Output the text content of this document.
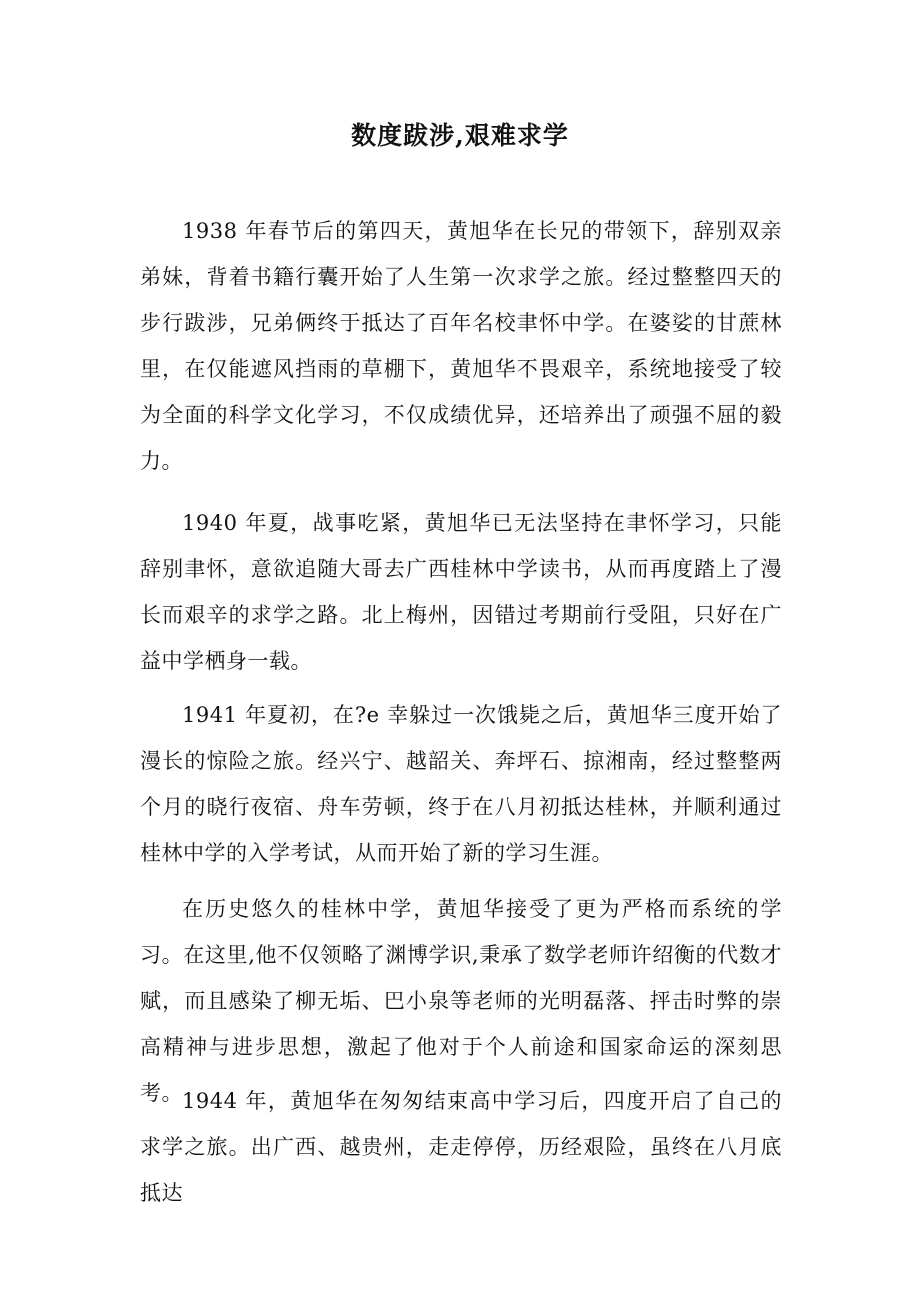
数度跋涉,艰难求学

1938 年春节后的第四天，黄旭华在长兄的带领下，辞别双亲弟妹，背着书籍行囊开始了人生第一次求学之旅。经过整整四天的步行跋涉，兄弟俩终于抵达了百年名校聿怀中学。在婆娑的甘蔗林里，在仅能遮风挡雨的草棚下，黄旭华不畏艰辛，系统地接受了较为全面的科学文化学习，不仅成绩优异，还培养出了顽强不屈的毅力。

1940 年夏，战事吃紧，黄旭华已无法坚持在聿怀学习，只能辞别聿怀，意欲追随大哥去广西桂林中学读书，从而再度踏上了漫长而艰辛的求学之路。北上梅州，因错过考期前行受阻，只好在广益中学栖身一载。

1941 年夏初，在?e 幸躲过一次饿毙之后，黄旭华三度开始了漫长的惊险之旅。经兴宁、越韶关、奔坪石、掠湘南，经过整整两个月的晓行夜宿、舟车劳顿，终于在八月初抵达桂林，并顺利通过桂林中学的入学考试，从而开始了新的学习生涯。

在历史悠久的桂林中学，黄旭华接受了更为严格而系统的学习。在这里,他不仅领略了渊博学识,秉承了数学老师许绍衡的代数才赋，而且感染了柳无垢、巴小泉等老师的光明磊落、抨击时弊的崇高精神与进步思想，激起了他对于个人前途和国家命运的深刻思考。 1944 年，黄旭华在匆匆结束高中学习后，四度开启了自己的求学之旅。出广西、越贵州，走走停停，历经艰险，虽终在八月底抵达
